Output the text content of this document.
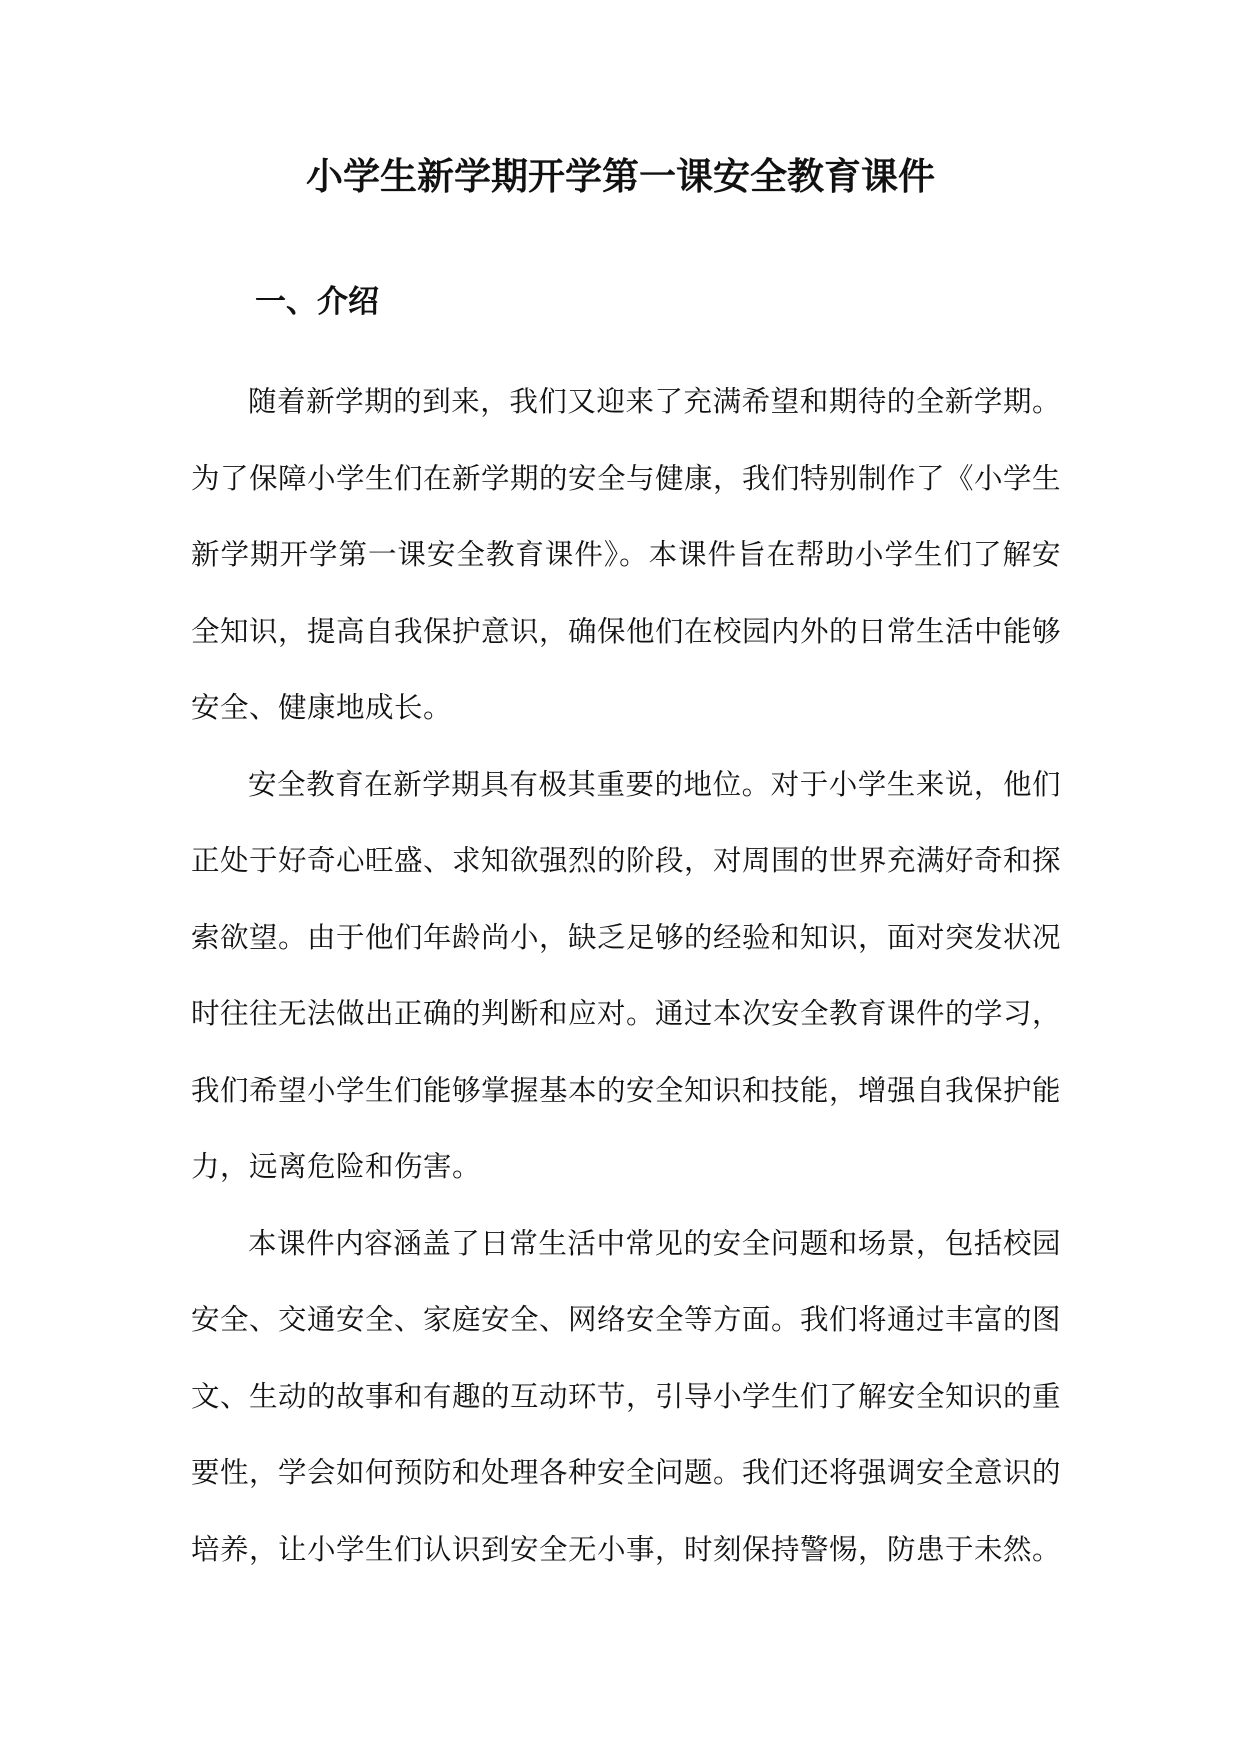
小学生新学期开学第一课安全教育课件
一、介绍

随着新学期的到来，我们又迎来了充满希望和期待的全新学期。为了保障小学生们在新学期的安全与健康，我们特别制作了《小学生新学期开学第一课安全教育课件》。本课件旨在帮助小学生们了解安全知识，提高自我保护意识，确保他们在校园内外的日常生活中能够安全、健康地成长。

安全教育在新学期具有极其重要的地位。对于小学生来说，他们正处于好奇心旺盛、求知欲强烈的阶段，对周围的世界充满好奇和探索欲望。由于他们年龄尚小，缺乏足够的经验和知识，面对突发状况时往往无法做出正确的判断和应对。通过本次安全教育课件的学习，我们希望小学生们能够掌握基本的安全知识和技能，增强自我保护能力，远离危险和伤害。

本课件内容涵盖了日常生活中常见的安全问题和场景，包括校园安全、交通安全、家庭安全、网络安全等方面。我们将通过丰富的图文、生动的故事和有趣的互动环节，引导小学生们了解安全知识的重要性，学会如何预防和处理各种安全问题。我们还将强调安全意识的培养，让小学生们认识到安全无小事，时刻保持警惕，防患于未然。
